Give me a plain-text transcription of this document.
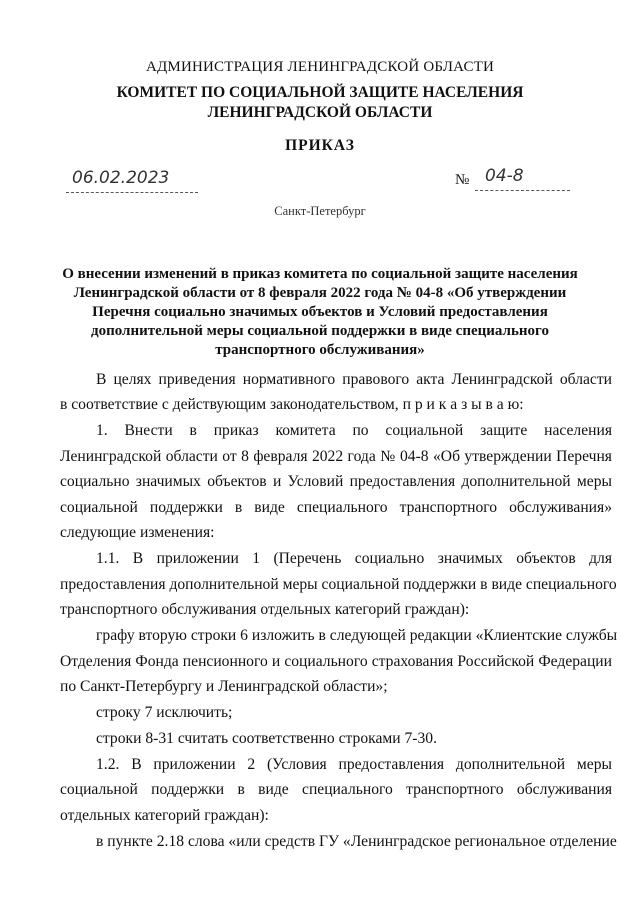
АДМИНИСТРАЦИЯ ЛЕНИНГРАДСКОЙ ОБЛАСТИ
КОМИТЕТ ПО СОЦИАЛЬНОЙ ЗАЩИТЕ НАСЕЛЕНИЯ
ЛЕНИНГРАДСКОЙ ОБЛАСТИ
ПРИКАЗ
06.02.2023	№ 04-8
Санкт-Петербург
О внесении изменений в приказ комитета по социальной защите населения
Ленинградской области от 8 февраля 2022 года № 04-8 «Об утверждении
Перечня социально значимых объектов и Условий предоставления
дополнительной меры социальной поддержки в виде специального
транспортного обслуживания»
В целях приведения нормативного правового акта Ленинградской области
в соответствие с действующим законодательством, п р и к а з ы в а ю:
1. Внести в приказ комитета по социальной защите населения
Ленинградской области от 8 февраля 2022 года № 04-8 «Об утверждении Перечня
социально значимых объектов и Условий предоставления дополнительной меры
социальной поддержки в виде специального транспортного обслуживания»
следующие изменения:
1.1. В приложении 1 (Перечень социально значимых объектов для
предоставления дополнительной меры социальной поддержки в виде специального
транспортного обслуживания отдельных категорий граждан):
графу вторую строки 6 изложить в следующей редакции «Клиентские службы
Отделения Фонда пенсионного и социального страхования Российской Федерации
по Санкт-Петербургу и Ленинградской области»;
строку 7 исключить;
строки 8-31 считать соответственно строками 7-30.
1.2. В приложении 2 (Условия предоставления дополнительной меры
социальной поддержки в виде специального транспортного обслуживания
отдельных категорий граждан):
в пункте 2.18 слова «или средств ГУ «Ленинградское региональное отделение
